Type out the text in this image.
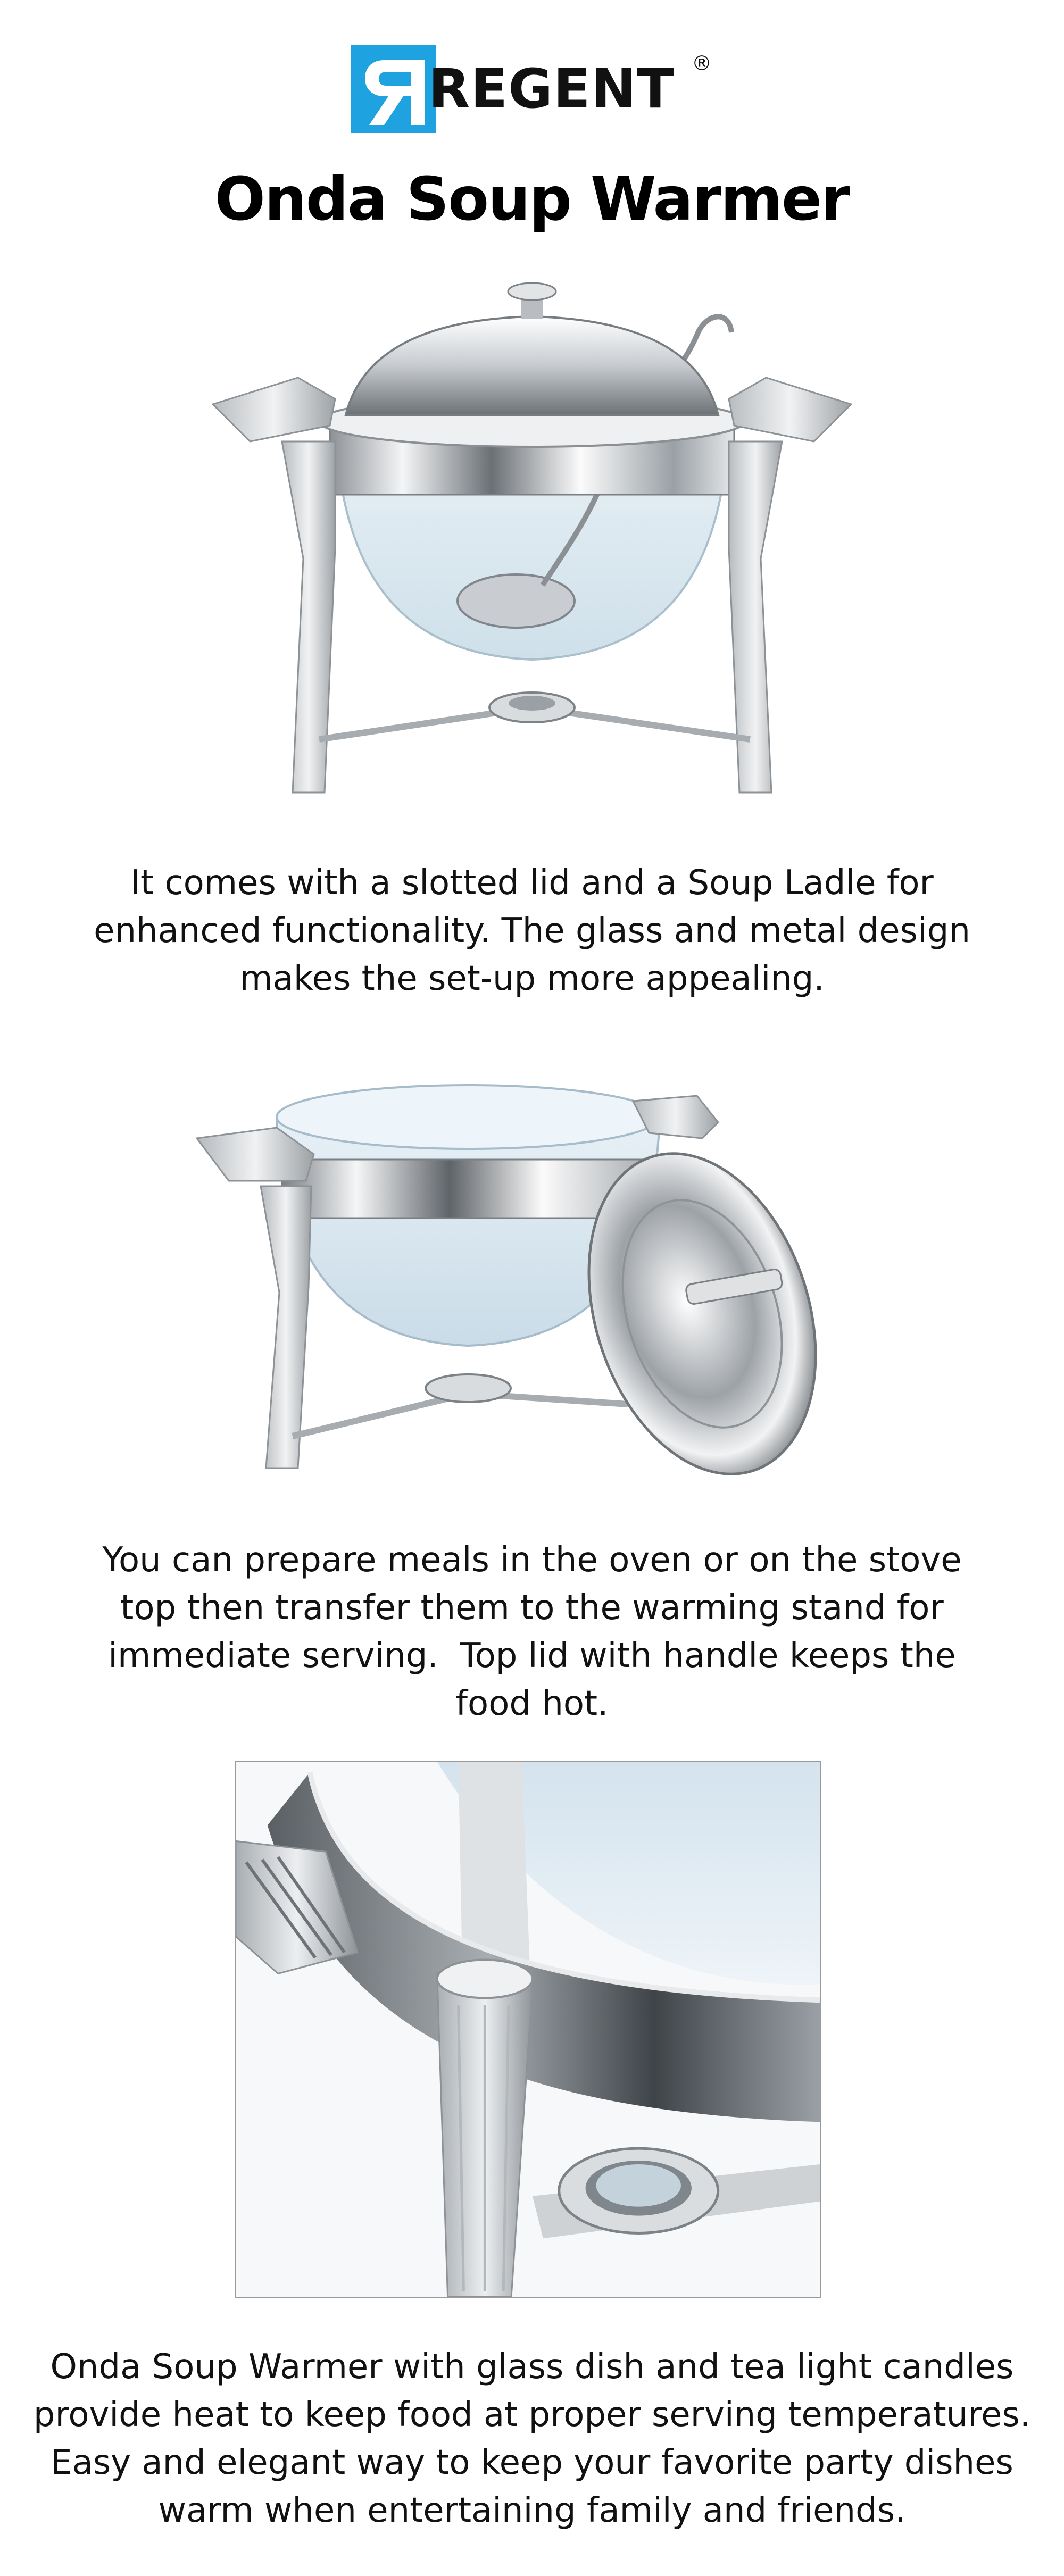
REGENT ®
Onda Soup Warmer

It comes with a slotted lid and a Soup Ladle for

enhanced functionality. The glass and metal design

makes the set-up more appealing.

You can prepare meals in the oven or on the stove

top then transfer them to the warming stand for

immediate serving.  Top lid with handle keeps the

food hot.

Onda Soup Warmer with glass dish and tea light candles

provide heat to keep food at proper serving temperatures.

Easy and elegant way to keep your favorite party dishes

warm when entertaining family and friends.
